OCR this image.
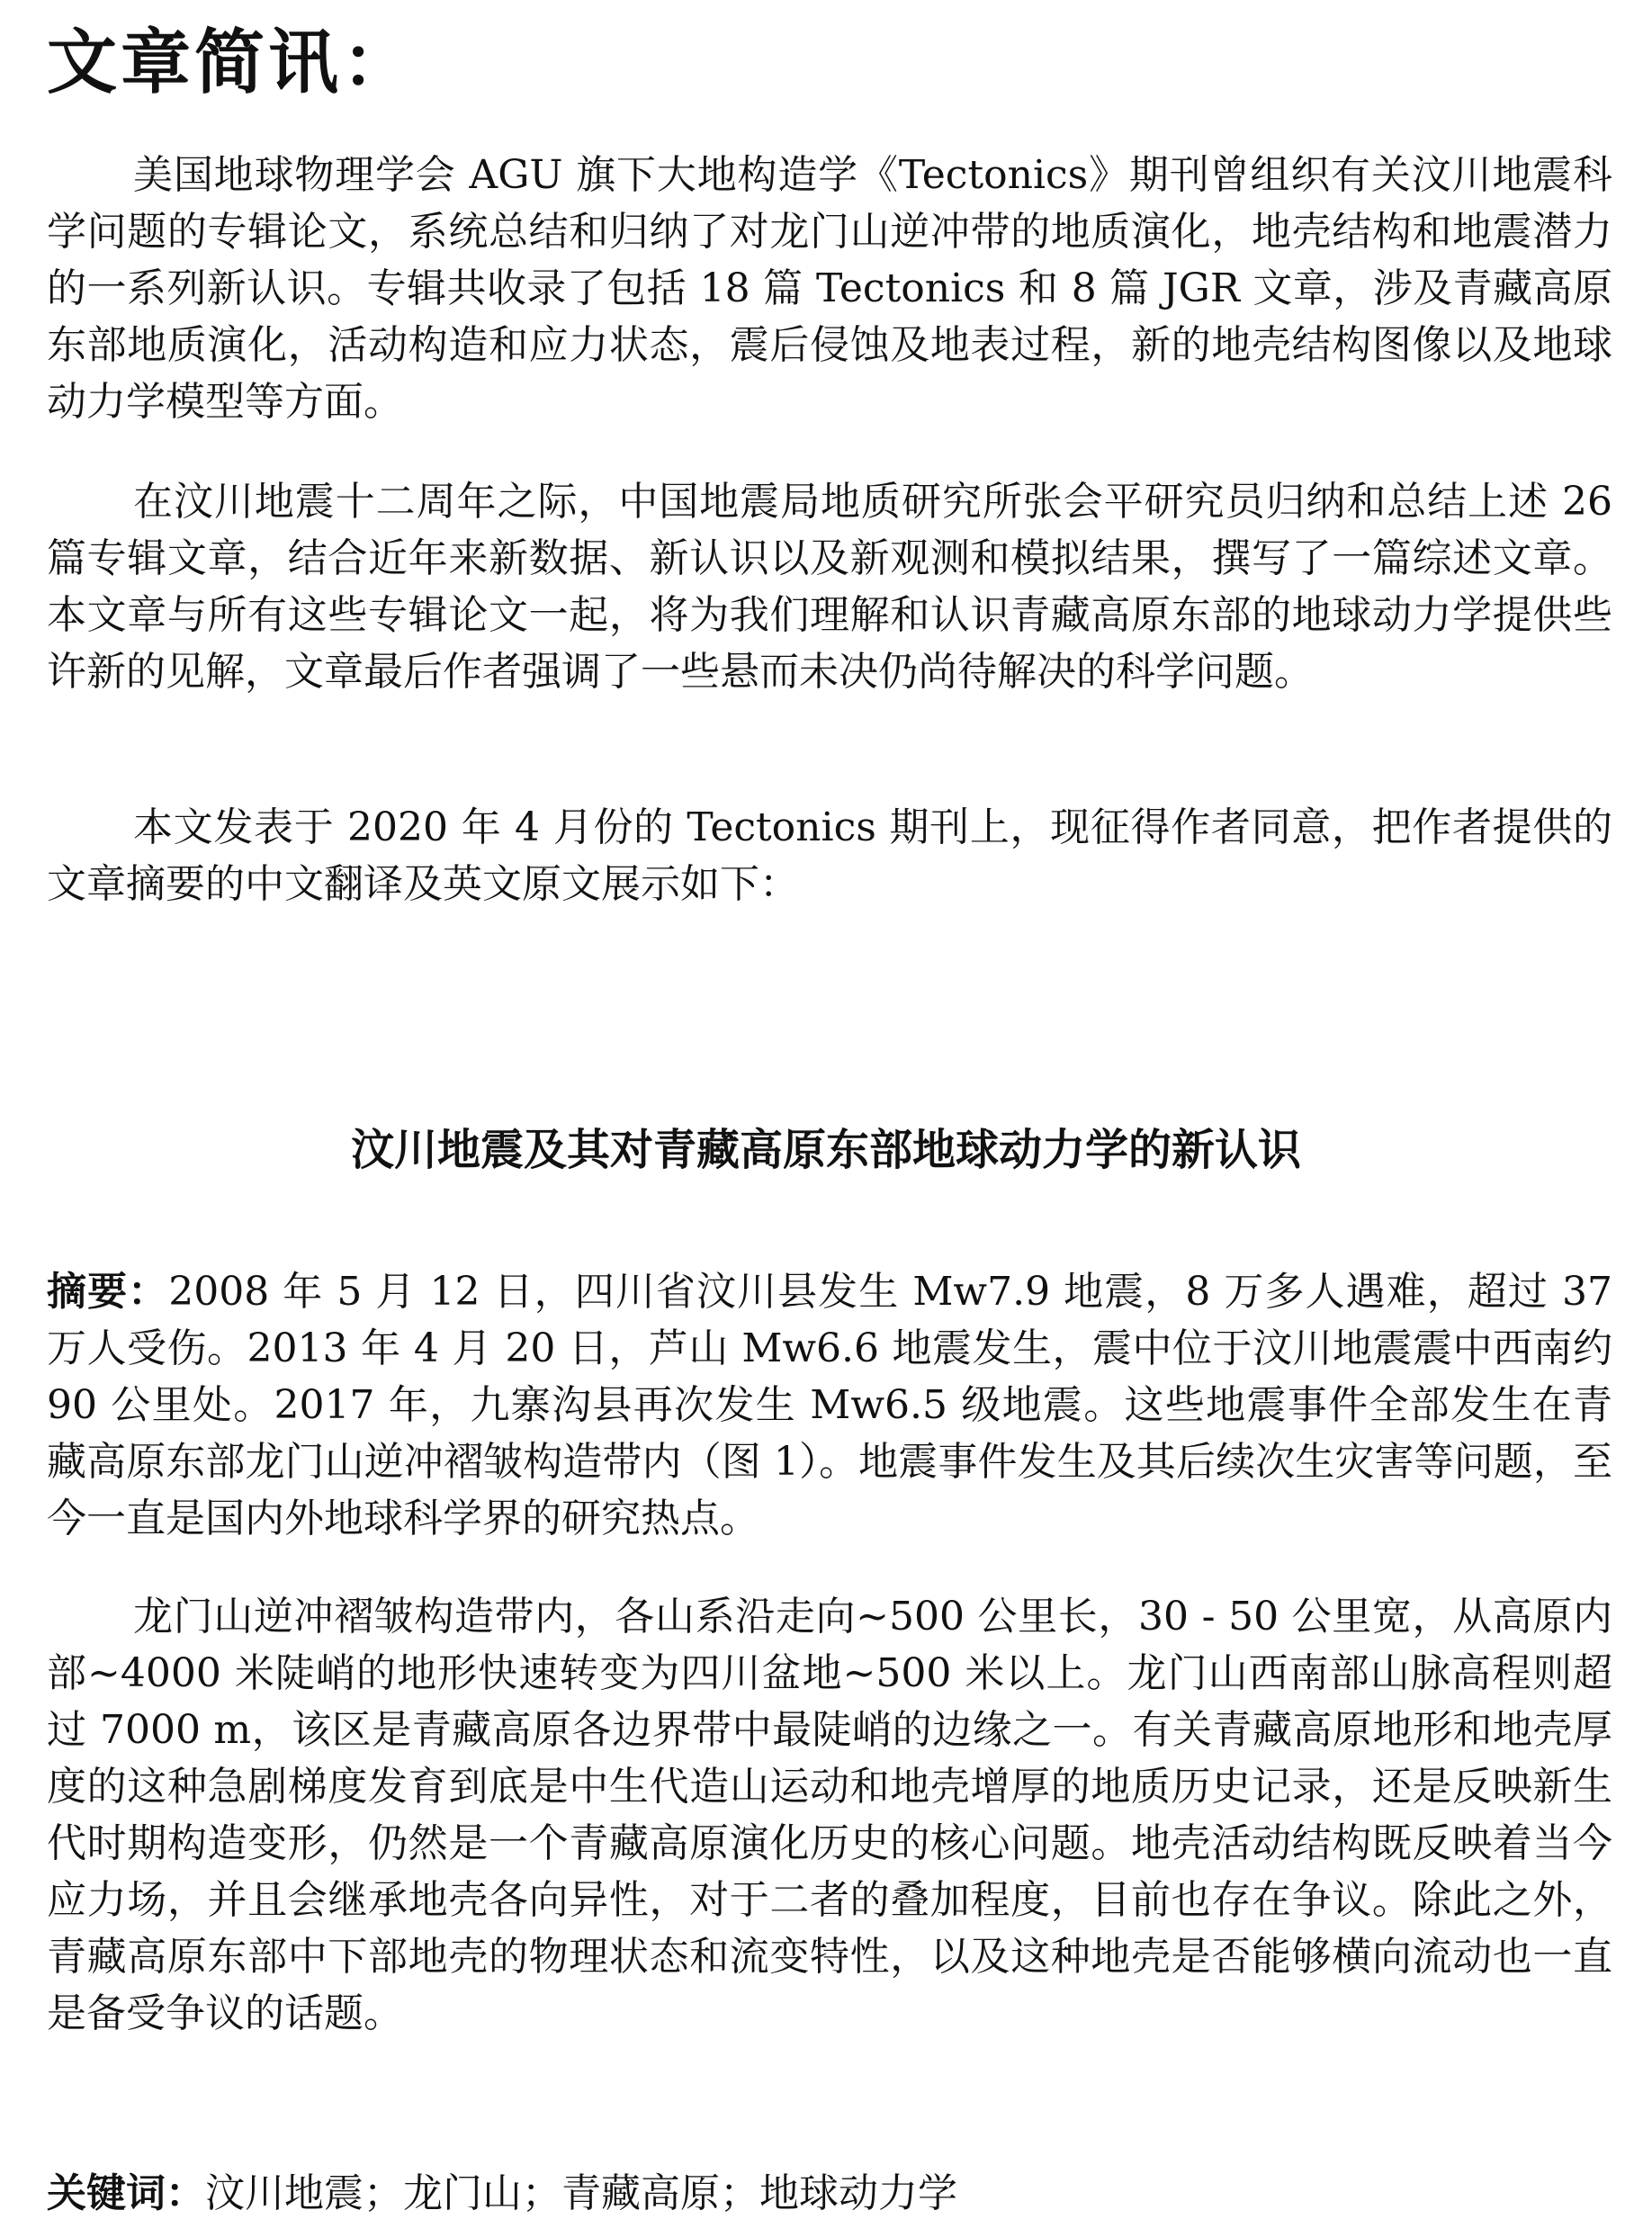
文章简讯：

美国地球物理学会 AGU 旗下大地构造学《Tectonics》期刊曾组织有关汶川地震科学问题的专辑论文，系统总结和归纳了对龙门山逆冲带的地质演化，地壳结构和地震潜力的一系列新认识。专辑共收录了包括 18 篇 Tectonics 和 8 篇 JGR 文章，涉及青藏高原东部地质演化，活动构造和应力状态，震后侵蚀及地表过程，新的地壳结构图像以及地球动力学模型等方面。

在汶川地震十二周年之际，中国地震局地质研究所张会平研究员归纳和总结上述 26 篇专辑文章，结合近年来新数据、新认识以及新观测和模拟结果，撰写了一篇综述文章。本文章与所有这些专辑论文一起，将为我们理解和认识青藏高原东部的地球动力学提供些许新的见解，文章最后作者强调了一些悬而未决仍尚待解决的科学问题。

本文发表于 2020 年 4 月份的 Tectonics 期刊上，现征得作者同意，把作者提供的文章摘要的中文翻译及英文原文展示如下：

汶川地震及其对青藏高原东部地球动力学的新认识

摘要：2008 年 5 月 12 日，四川省汶川县发生 Mw7.9 地震，8 万多人遇难，超过 37 万人受伤。2013 年 4 月 20 日，芦山 Mw6.6 地震发生，震中位于汶川地震震中西南约 90 公里处。2017 年，九寨沟县再次发生 Mw6.5 级地震。这些地震事件全部发生在青藏高原东部龙门山逆冲褶皱构造带内（图 1）。地震事件发生及其后续次生灾害等问题，至今一直是国内外地球科学界的研究热点。

龙门山逆冲褶皱构造带内，各山系沿走向~500 公里长，30 - 50 公里宽，从高原内部~4000 米陡峭的地形快速转变为四川盆地~500 米以上。龙门山西南部山脉高程则超过 7000 m，该区是青藏高原各边界带中最陡峭的边缘之一。有关青藏高原地形和地壳厚度的这种急剧梯度发育到底是中生代造山运动和地壳增厚的地质历史记录，还是反映新生代时期构造变形，仍然是一个青藏高原演化历史的核心问题。地壳活动结构既反映着当今应力场，并且会继承地壳各向异性，对于二者的叠加程度，目前也存在争议。除此之外，青藏高原东部中下部地壳的物理状态和流变特性，以及这种地壳是否能够横向流动也一直是备受争议的话题。

关键词：汶川地震；龙门山；青藏高原；地球动力学
